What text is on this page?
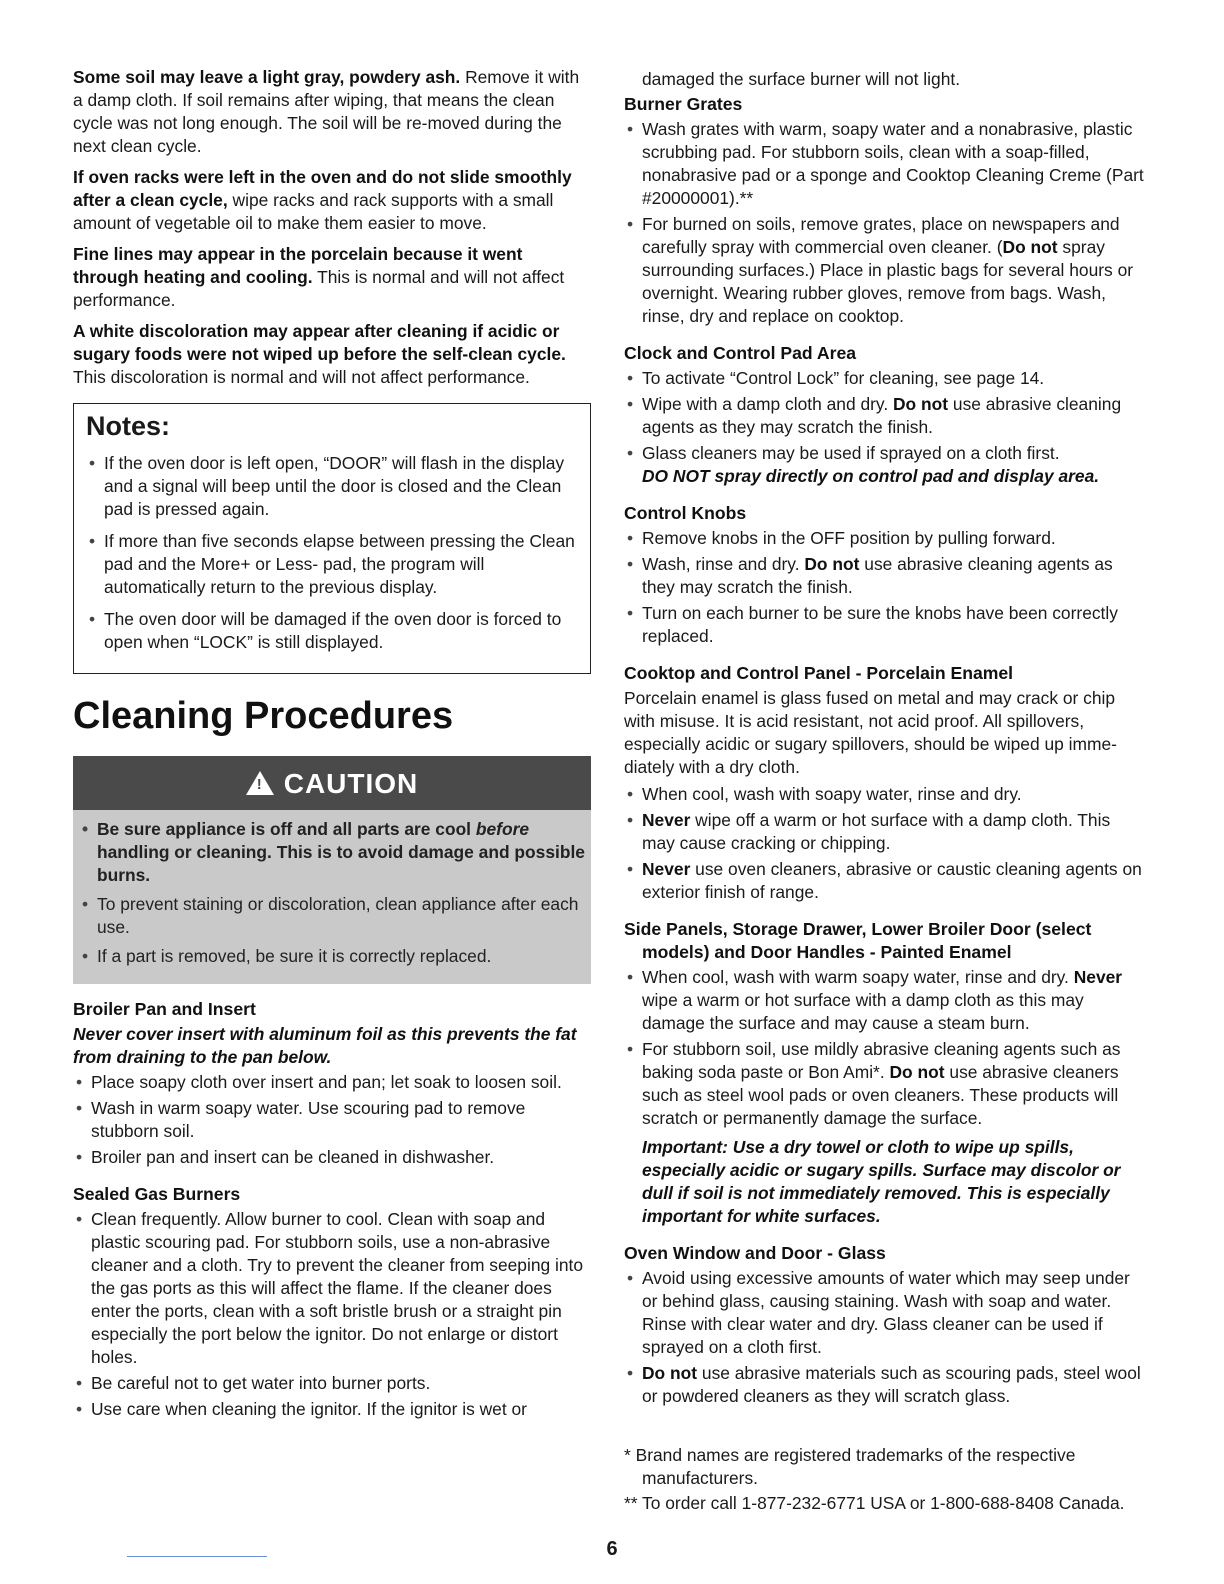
Some soil may leave a light gray, powdery ash. Remove it with a damp cloth. If soil remains after wiping, that means the clean cycle was not long enough. The soil will be re-moved during the next clean cycle.

If oven racks were left in the oven and do not slide smoothly after a clean cycle, wipe racks and rack supports with a small amount of vegetable oil to make them easier to move.

Fine lines may appear in the porcelain because it went through heating and cooling. This is normal and will not affect performance.

A white discoloration may appear after cleaning if acidic or sugary foods were not wiped up before the self-clean cycle. This discoloration is normal and will not affect performance.

Notes:
• If the oven door is left open, “DOOR” will flash in the display and a signal will beep until the door is closed and the Clean pad is pressed again.
• If more than five seconds elapse between pressing the Clean pad and the More+ or Less- pad, the program will automatically return to the previous display.
• The oven door will be damaged if the oven door is forced to open when “LOCK” is still displayed.
Cleaning Procedures
! CAUTION
• Be sure appliance is off and all parts are cool before handling or cleaning. This is to avoid damage and possible burns.
• To prevent staining or discoloration, clean appliance after each use.
• If a part is removed, be sure it is correctly replaced.
Broiler Pan and Insert

Never cover insert with aluminum foil as this prevents the fat from draining to the pan below.

• Place soapy cloth over insert and pan; let soak to loosen soil.
• Wash in warm soapy water. Use scouring pad to remove stubborn soil.
• Broiler pan and insert can be cleaned in dishwasher.
Sealed Gas Burners
• Clean frequently. Allow burner to cool. Clean with soap and plastic scouring pad. For stubborn soils, use a non-abrasive cleaner and a cloth. Try to prevent the cleaner from seeping into the gas ports as this will affect the flame. If the cleaner does enter the ports, clean with a soft bristle brush or a straight pin especially the port below the ignitor. Do not enlarge or distort holes.
• Be careful not to get water into burner ports.
• Use care when cleaning the ignitor. If the ignitor is wet or

damaged the surface burner will not light.

Burner Grates
• Wash grates with warm, soapy water and a nonabrasive, plastic scrubbing pad. For stubborn soils, clean with a soap-filled, nonabrasive pad or a sponge and Cooktop Cleaning Creme (Part #20000001).**
• For burned on soils, remove grates, place on newspapers and carefully spray with commercial oven cleaner. (Do not spray surrounding surfaces.) Place in plastic bags for several hours or overnight. Wearing rubber gloves, remove from bags. Wash, rinse, dry and replace on cooktop.
Clock and Control Pad Area
• To activate “Control Lock” for cleaning, see page 14.
• Wipe with a damp cloth and dry. Do not use abrasive cleaning agents as they may scratch the finish.
• Glass cleaners may be used if sprayed on a cloth first.
DO NOT spray directly on control pad and display area.
Control Knobs
• Remove knobs in the OFF position by pulling forward.
• Wash, rinse and dry. Do not use abrasive cleaning agents as they may scratch the finish.
• Turn on each burner to be sure the knobs have been correctly replaced.
Cooktop and Control Panel - Porcelain Enamel

Porcelain enamel is glass fused on metal and may crack or chip with misuse. It is acid resistant, not acid proof. All spillovers, especially acidic or sugary spillovers, should be wiped up imme-diately with a dry cloth.

• When cool, wash with soapy water, rinse and dry.
• Never wipe off a warm or hot surface with a damp cloth. This may cause cracking or chipping.
• Never use oven cleaners, abrasive or caustic cleaning agents on exterior finish of range.
Side Panels, Storage Drawer, Lower Broiler Door (select models) and Door Handles - Painted Enamel
• When cool, wash with warm soapy water, rinse and dry. Never wipe a warm or hot surface with a damp cloth as this may damage the surface and may cause a steam burn.
• For stubborn soil, use mildly abrasive cleaning agents such as baking soda paste or Bon Ami*. Do not use abrasive cleaners such as steel wool pads or oven cleaners. These products will scratch or permanently damage the surface.

Important: Use a dry towel or cloth to wipe up spills, especially acidic or sugary spills. Surface may discolor or dull if soil is not immediately removed. This is especially important for white surfaces.

Oven Window and Door - Glass
• Avoid using excessive amounts of water which may seep under or behind glass, causing staining. Wash with soap and water. Rinse with clear water and dry. Glass cleaner can be used if sprayed on a cloth first.
• Do not use abrasive materials such as scouring pads, steel wool or powdered cleaners as they will scratch glass.

* Brand names are registered trademarks of the respective manufacturers.

** To order call 1-877-232-6771 USA or 1-800-688-8408 Canada.

6
